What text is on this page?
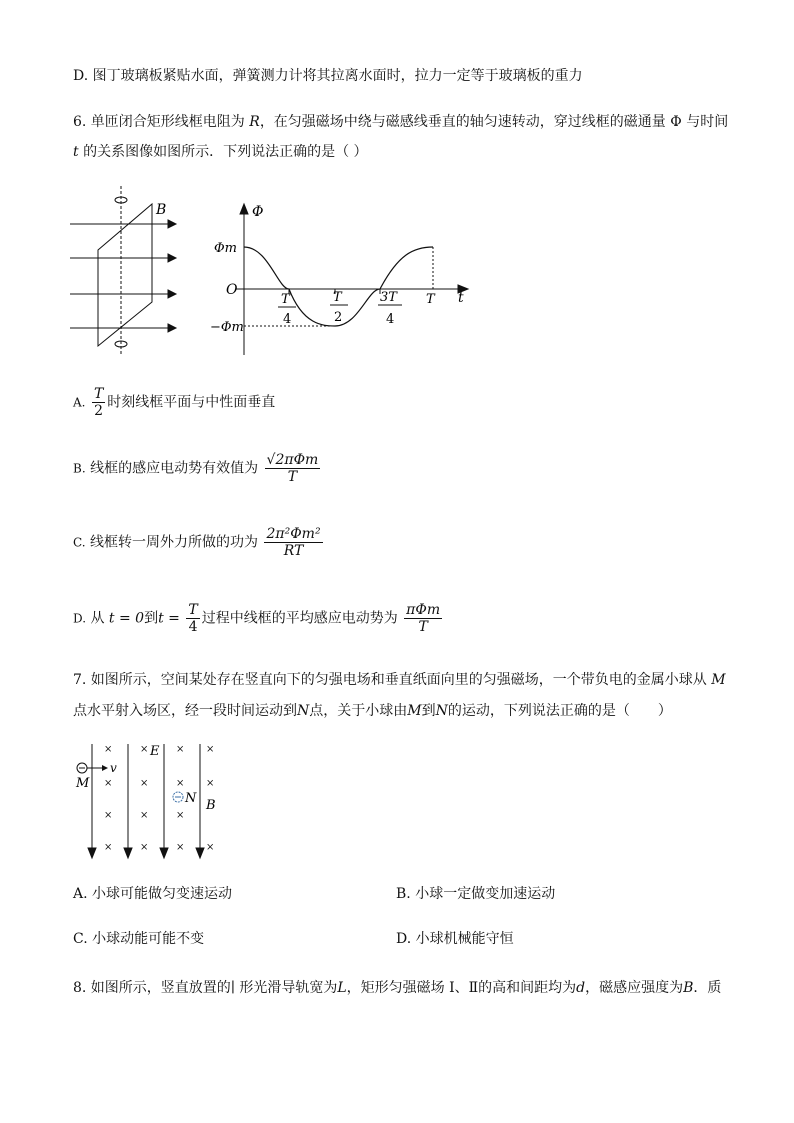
D. 图丁玻璃板紧贴水面，弹簧测力计将其拉离水面时，拉力一定等于玻璃板的重力
6. 单匝闭合矩形线框电阻为 R，在匀强磁场中绕与磁感线垂直的轴匀速转动，穿过线框的磁通量 Φ 与时间
t 的关系图像如图所示．下列说法正确的是（ ）
B	Φ
t
O
Φm
−Φm
T
4
T
2
3T
4
T
A. $\frac{T}{2}$ 时刻线框平面与中性面垂直
B. 线框的感应电动势有效值为 $\frac{\text{√2πΦm}}{T}$
C. 线框转一周外力所做的功为 $\frac{\text{2π²Φm²}}{RT}$
D. 从 t = 0到$t = \frac{T}{4}$ 过程中线框的平均感应电动势为 $\frac{\text{πΦm}}{T}$
7. 如图所示，空间某处存在竖直向下的匀强电场和垂直纸面向里的匀强磁场，一个带负电的金属小球从 M
点水平射入场区，经一段时间运动到N点，关于小球由M到N的运动，下列说法正确的是（　　）
×	×	× ×
×	×	× ×
×	×	×
×	×	× ×
v
M
N
E
B
A. 小球可能做匀变速运动	B. 小球一定做变加速运动
C. 小球动能可能不变	D. 小球机械能守恒
8. 如图所示，竖直放置的∣ 形光滑导轨宽为L，矩形匀强磁场 Ⅰ、Ⅱ的高和间距均为d，磁感应强度为B．质
